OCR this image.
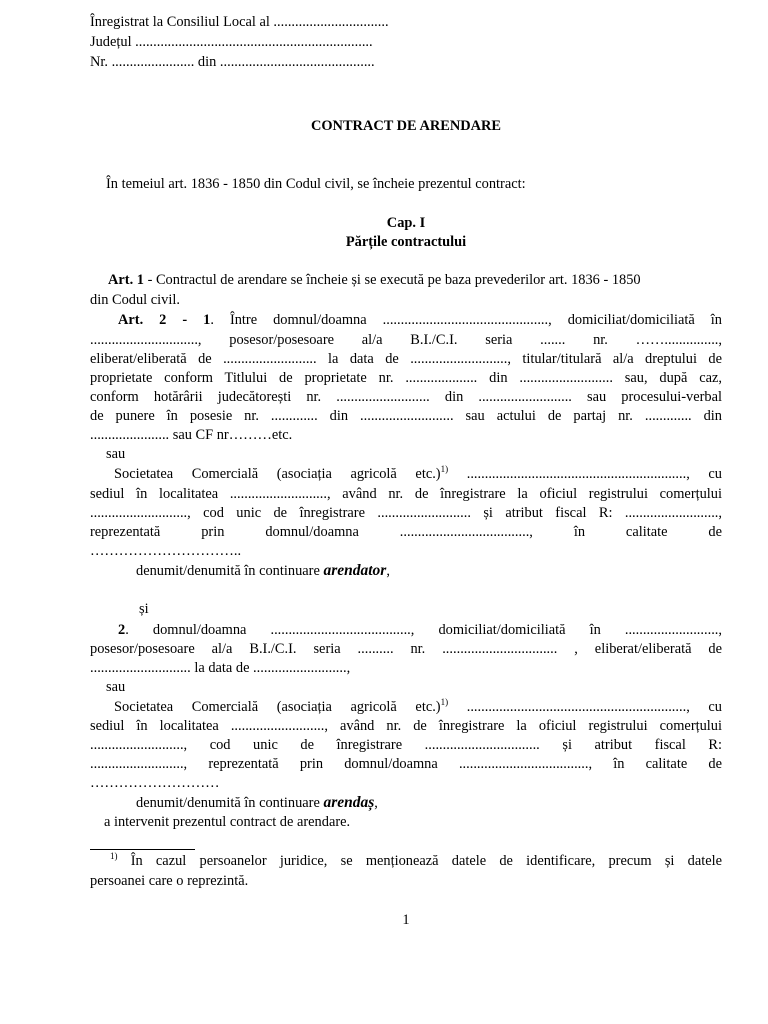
Înregistrat la Consiliul Local al ................................
Județul ..................................................................
Nr. ....................... din ...........................................
CONTRACT DE ARENDARE
În temeiul art. 1836 - 1850 din Codul civil, se încheie prezentul contract:
Cap. I
Părțile contractului
Art. 1 - Contractul de arendare se încheie și se execută pe baza prevederilor art. 1836 - 1850
din Codul civil.
Art. 2 - 1. Între domnul/doamna .............................................., domiciliat/domiciliată în
.............................., posesor/posesoare al/a B.I./C.I. seria ....... nr. ……...............,
eliberat/eliberată de .......................... la data de ..........................., titular/titulară al/a dreptului de
proprietate conform Titlului de proprietate nr. .................... din .......................... sau, după caz,
conform hotărârii judecătorești nr. .......................... din .......................... sau procesului-verbal
de punere în posesie nr. ............. din .......................... sau actului de partaj nr. ............. din
...................... sau CF nr………etc.
sau
Societatea Comercială (asociația agricolă etc.)$^{1)}$ ............................................................., cu
sediul în localitatea ..........................., având nr. de înregistrare la oficiul registrului comerțului
..........................., cod unic de înregistrare .......................... și atribut fiscal R: ..........................,
reprezentată prin domnul/doamna ...................................., în calitate de
…………………………..
denumit/denumită în continuare arendator,
și
2. domnul/doamna ......................................., domiciliat/domiciliată în ..........................,
posesor/posesoare al/a B.I./C.I. seria .......... nr. ................................ , eliberat/eliberată de
............................ la data de ..........................,
sau
Societatea Comercială (asociația agricolă etc.)$^{1)}$ ............................................................., cu
sediul în localitatea .........................., având nr. de înregistrare la oficiul registrului comerțului
.........................., cod unic de înregistrare ................................ și atribut fiscal R:
.........................., reprezentată prin domnul/doamna ...................................., în calitate de
………………………
denumit/denumită în continuare arendaș,
a intervenit prezentul contract de arendare.
$^{1)}$ În cazul persoanelor juridice, se menționează datele de identificare, precum și datele
persoanei care o reprezintă.
1
